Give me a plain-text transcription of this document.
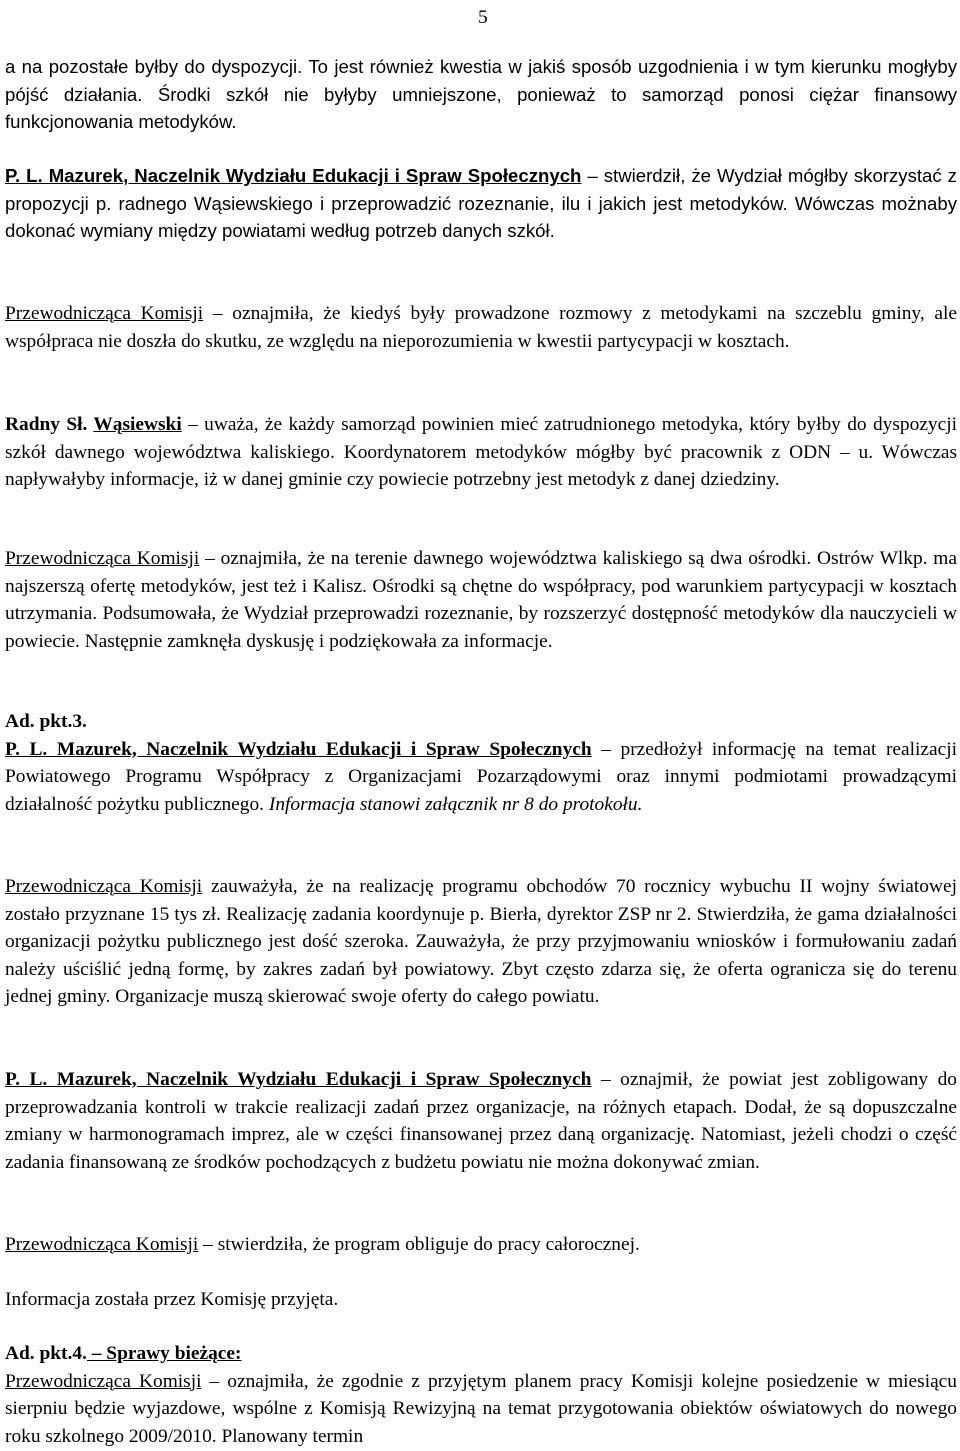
5

a na pozostałe byłby do dyspozycji. To jest również kwestia w jakiś sposób uzgodnienia i w tym kierunku mogłyby pójść działania. Środki szkół nie byłyby umniejszone, ponieważ to samorząd ponosi ciężar finansowy funkcjonowania metodyków.

P. L. Mazurek, Naczelnik Wydziału Edukacji i Spraw Społecznych – stwierdził, że Wydział mógłby skorzystać z propozycji p. radnego Wąsiewskiego i przeprowadzić rozeznanie, ilu i jakich jest metodyków. Wówczas możnaby dokonać wymiany między powiatami według potrzeb danych szkół.

Przewodnicząca Komisji – oznajmiła, że kiedyś były prowadzone rozmowy z metodykami na szczeblu gminy, ale współpraca nie doszła do skutku, ze względu na nieporozumienia w kwestii partycypacji w kosztach.

Radny Sł. Wąsiewski – uważa, że każdy samorząd powinien mieć zatrudnionego metodyka, który byłby do dyspozycji szkół dawnego województwa kaliskiego. Koordynatorem metodyków mógłby być pracownik z ODN – u. Wówczas napływałyby informacje, iż w danej gminie czy powiecie potrzebny jest metodyk z danej dziedziny.

Przewodnicząca Komisji – oznajmiła, że na terenie dawnego województwa kaliskiego są dwa ośrodki. Ostrów Wlkp. ma najszerszą ofertę metodyków, jest też i Kalisz. Ośrodki są chętne do współpracy, pod warunkiem partycypacji w kosztach utrzymania. Podsumowała, że Wydział przeprowadzi rozeznanie, by rozszerzyć dostępność metodyków dla nauczycieli w powiecie. Następnie zamknęła dyskusję i podziękowała za informacje.

Ad. pkt.3.
P. L. Mazurek, Naczelnik Wydziału Edukacji i Spraw Społecznych – przedłożył informację na temat realizacji Powiatowego Programu Współpracy z Organizacjami Pozarządowymi oraz innymi podmiotami prowadzącymi działalność pożytku publicznego. Informacja stanowi załącznik nr 8 do protokołu.

Przewodnicząca Komisji zauważyła, że na realizację programu obchodów 70 rocznicy wybuchu II wojny światowej zostało przyznane 15 tys zł. Realizację zadania koordynuje p. Bierła, dyrektor ZSP nr 2. Stwierdziła, że gama działalności organizacji pożytku publicznego jest dość szeroka. Zauważyła, że przy przyjmowaniu wniosków i formułowaniu zadań należy uściślić jedną formę, by zakres zadań był powiatowy. Zbyt często zdarza się, że oferta ogranicza się do terenu jednej gminy. Organizacje muszą skierować swoje oferty do całego powiatu.

P. L. Mazurek, Naczelnik Wydziału Edukacji i Spraw Społecznych – oznajmił, że powiat jest zobligowany do przeprowadzania kontroli w trakcie realizacji zadań przez organizacje, na różnych etapach. Dodał, że są dopuszczalne zmiany w harmonogramach imprez, ale w części finansowanej przez daną organizację. Natomiast, jeżeli chodzi o część zadania finansowaną ze środków pochodzących z budżetu powiatu nie można dokonywać zmian.

Przewodnicząca Komisji – stwierdziła, że program obliguje do pracy całorocznej.

Informacja została przez Komisję przyjęta.

Ad. pkt.4. – Sprawy bieżące:
Przewodnicząca Komisji – oznajmiła, że zgodnie z przyjętym planem pracy Komisji kolejne posiedzenie w miesiącu sierpniu będzie wyjazdowe, wspólne z Komisją Rewizyjną na temat przygotowania obiektów oświatowych do nowego roku szkolnego 2009/2010. Planowany termin
